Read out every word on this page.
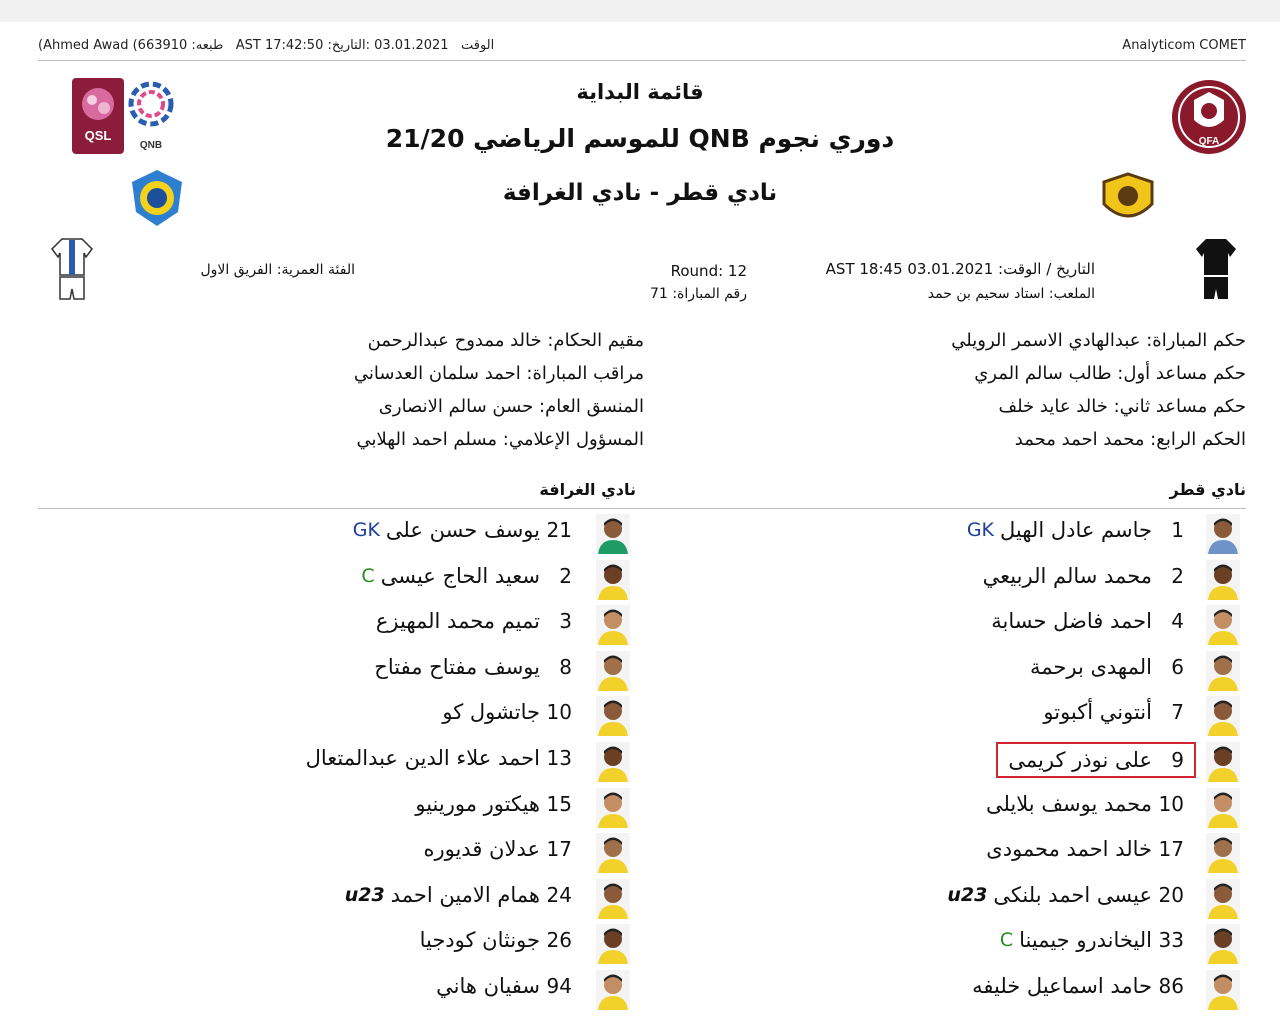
(Ahmed Awad (663910 :طبعه AST 17:42:50 :الوقت   03.01.2021 :التاريخ	Analyticom COMET
QSL
QNB	QFA
قائمة البداية
دوري نجوم QNB للموسم الرياضي 21/20
نادي قطر - نادي الغرافة
التاريخ / الوقت: AST 18:45 03.01.2021
الملعب: استاد سحيم بن حمد
Round: 12
رقم المباراة: 71
الفئة العمرية: الفريق الاول
حكم المباراة: عبدالهادي الاسمر الرويلي
حكم مساعد أول: طالب سالم المري
حكم مساعد ثاني: خالد عايد خلف
الحكم الرابع: محمد احمد محمد
مقيم الحكام: خالد ممدوح عبدالرحمن
مراقب المباراة: احمد سلمان العدساني
المنسق العام: حسن سالم الانصارى
المسؤول الإعلامي: مسلم احمد الهلابي
نادي قطر
نادي الغرافة
1
جاسم عادل الهيل
GK
2
محمد سالم الربيعي
4
احمد فاضل حسابة
6
المهدى برحمة
7
أنتوني أكبوتو
9
على نوذر كريمى
10
محمد يوسف بلايلى
17
خالد احمد محمودى
20
عيسى احمد بلنكى
u23
33
اليخاندرو جيمينا
C
86
حامد اسماعيل خليفه
21
يوسف حسن على
GK
2
سعيد الحاج عيسى
C
3
تميم محمد المهيزع
8
يوسف مفتاح مفتاح
10
جاتشول كو
13
احمد علاء الدين عبدالمتعال
15
هيكتور مورينيو
17
عدلان قديوره
24
همام الامين احمد
u23
26
جونثان كودجيا
94
سفيان هاني
